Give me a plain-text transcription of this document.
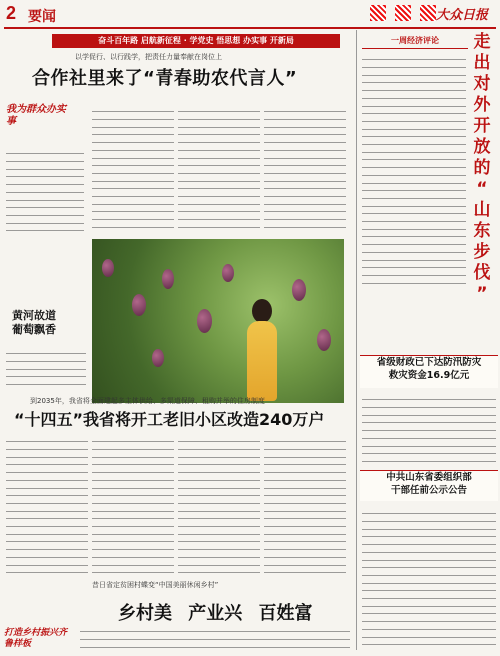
2 要闻
	大众日报
奋斗百年路 启航新征程 · 学党史 悟思想 办实事 开新局
以学促行、以行践学，把责任力量奉献在岗位上
合作社里来了“青春助农代言人”
我为群众办实事
黄河故道
葡萄飘香
到2035年，我省将全面建起多主体供给、多渠道保障、租购并举的住房制度
“十四五”我省将开工老旧小区改造240万户
昔日省定贫困村蝶变“中国美丽休闲乡村”
乡村美 产业兴 百姓富
打造乡村振兴齐鲁样板
一周经济评论	走
出
对
外
开
放
的
“
山
东
步
伐
”
省级财政已下达防汛防灾
救灾资金16.9亿元
中共山东省委组织部
干部任前公示公告
